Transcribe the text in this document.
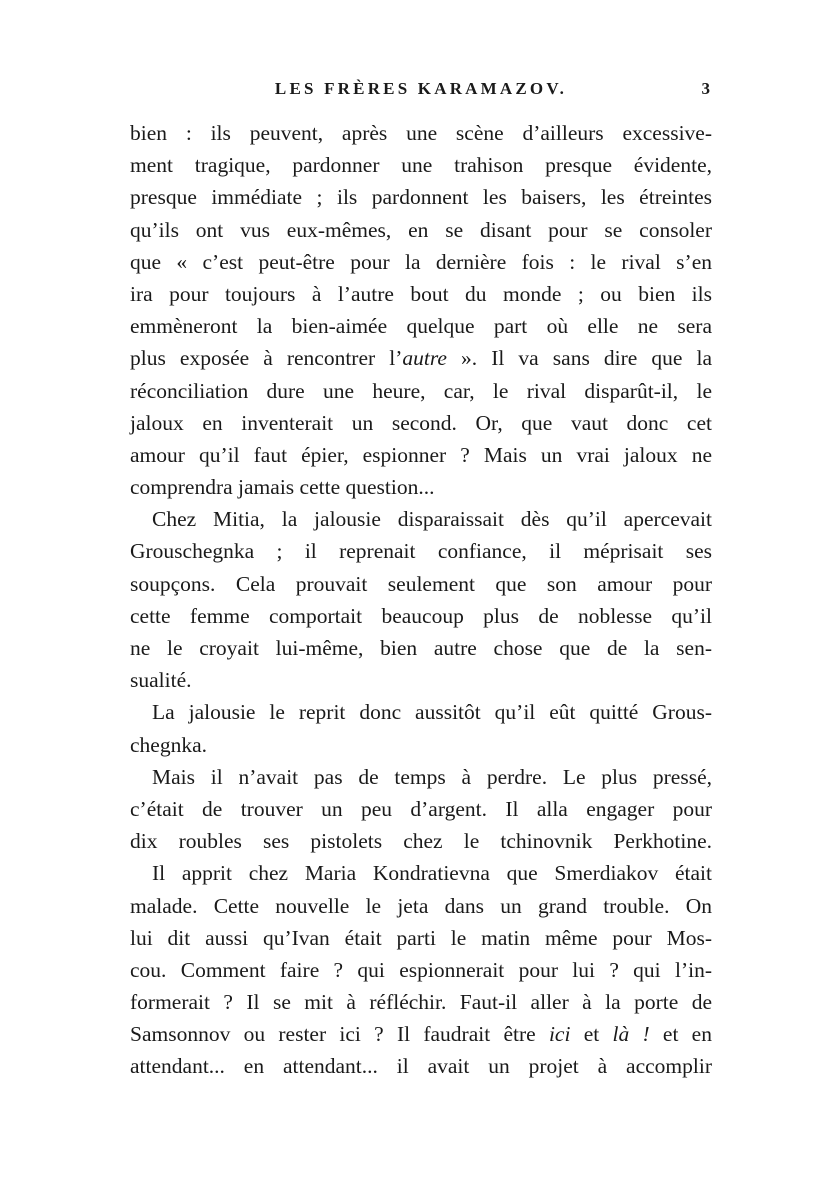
LES FRÈRES KARAMAZOV.	3
bien : ils peuvent, après une scène d’ailleurs excessive-
ment tragique, pardonner une trahison presque évidente,
presque immédiate ; ils pardonnent les baisers, les étreintes
qu’ils ont vus eux-mêmes, en se disant pour se consoler
que « c’est peut-être pour la dernière fois : le rival s’en
ira pour toujours à l’autre bout du monde ; ou bien ils
emmèneront la bien-aimée quelque part où elle ne sera
plus exposée à rencontrer l’autre ». Il va sans dire que la
réconciliation dure une heure, car, le rival disparût-il, le
jaloux en inventerait un second. Or, que vaut donc cet
amour qu’il faut épier, espionner ? Mais un vrai jaloux ne
comprendra jamais cette question...
Chez Mitia, la jalousie disparaissait dès qu’il apercevait
Grouschegnka ; il reprenait confiance, il méprisait ses
soupçons. Cela prouvait seulement que son amour pour
cette femme comportait beaucoup plus de noblesse qu’il
ne le croyait lui-même, bien autre chose que de la sen-
sualité.
La jalousie le reprit donc aussitôt qu’il eût quitté Grous-
chegnka.
Mais il n’avait pas de temps à perdre. Le plus pressé,
c’était de trouver un peu d’argent. Il alla engager pour
dix roubles ses pistolets chez le tchinovnik Perkhotine.
Il apprit chez Maria Kondratievna que Smerdiakov était
malade. Cette nouvelle le jeta dans un grand trouble. On
lui dit aussi qu’Ivan était parti le matin même pour Mos-
cou. Comment faire ? qui espionnerait pour lui ? qui l’in-
formerait ? Il se mit à réfléchir. Faut-il aller à la porte de
Samsonnov ou rester ici ? Il faudrait être ici et là ! et en
attendant... en attendant... il avait un projet à accomplir
